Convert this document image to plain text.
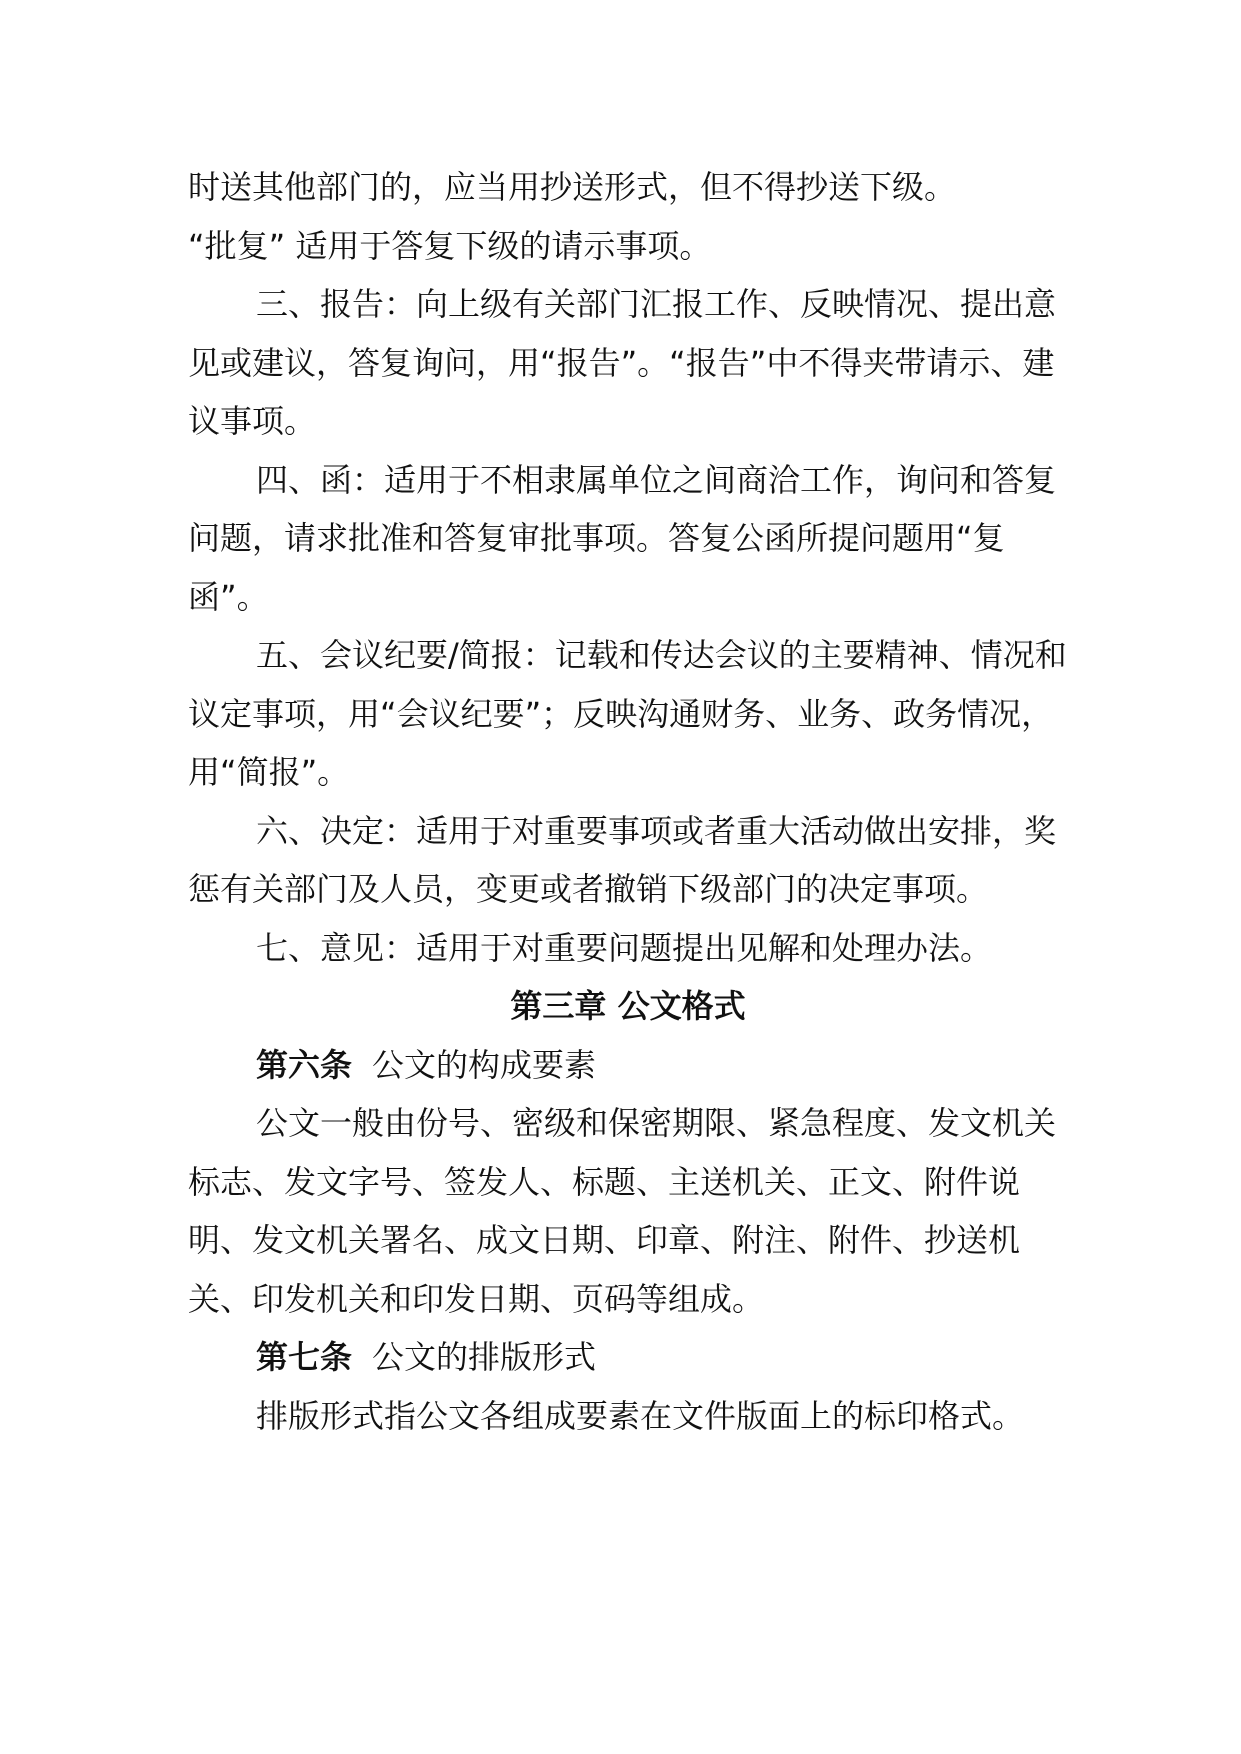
时送其他部门的，应当用抄送形式，但不得抄送下级。

“批复” 适用于答复下级的请示事项。

三、报告：向上级有关部门汇报工作、反映情况、提出意见或建议，答复询问，用“报告”。“报告”中不得夹带请示、建议事项。

四、函：适用于不相隶属单位之间商洽工作，询问和答复问题，请求批准和答复审批事项。答复公函所提问题用“复函”。

五、会议纪要/简报：记载和传达会议的主要精神、情况和议定事项，用“会议纪要”；反映沟通财务、业务、政务情况，用“简报”。

六、决定：适用于对重要事项或者重大活动做出安排，奖惩有关部门及人员，变更或者撤销下级部门的决定事项。

七、意见：适用于对重要问题提出见解和处理办法。

第三章 公文格式

第六条 公文的构成要素

公文一般由份号、密级和保密期限、紧急程度、发文机关标志、发文字号、签发人、标题、主送机关、正文、附件说明、发文机关署名、成文日期、印章、附注、附件、抄送机关、印发机关和印发日期、页码等组成。

第七条 公文的排版形式

排版形式指公文各组成要素在文件版面上的标印格式。
